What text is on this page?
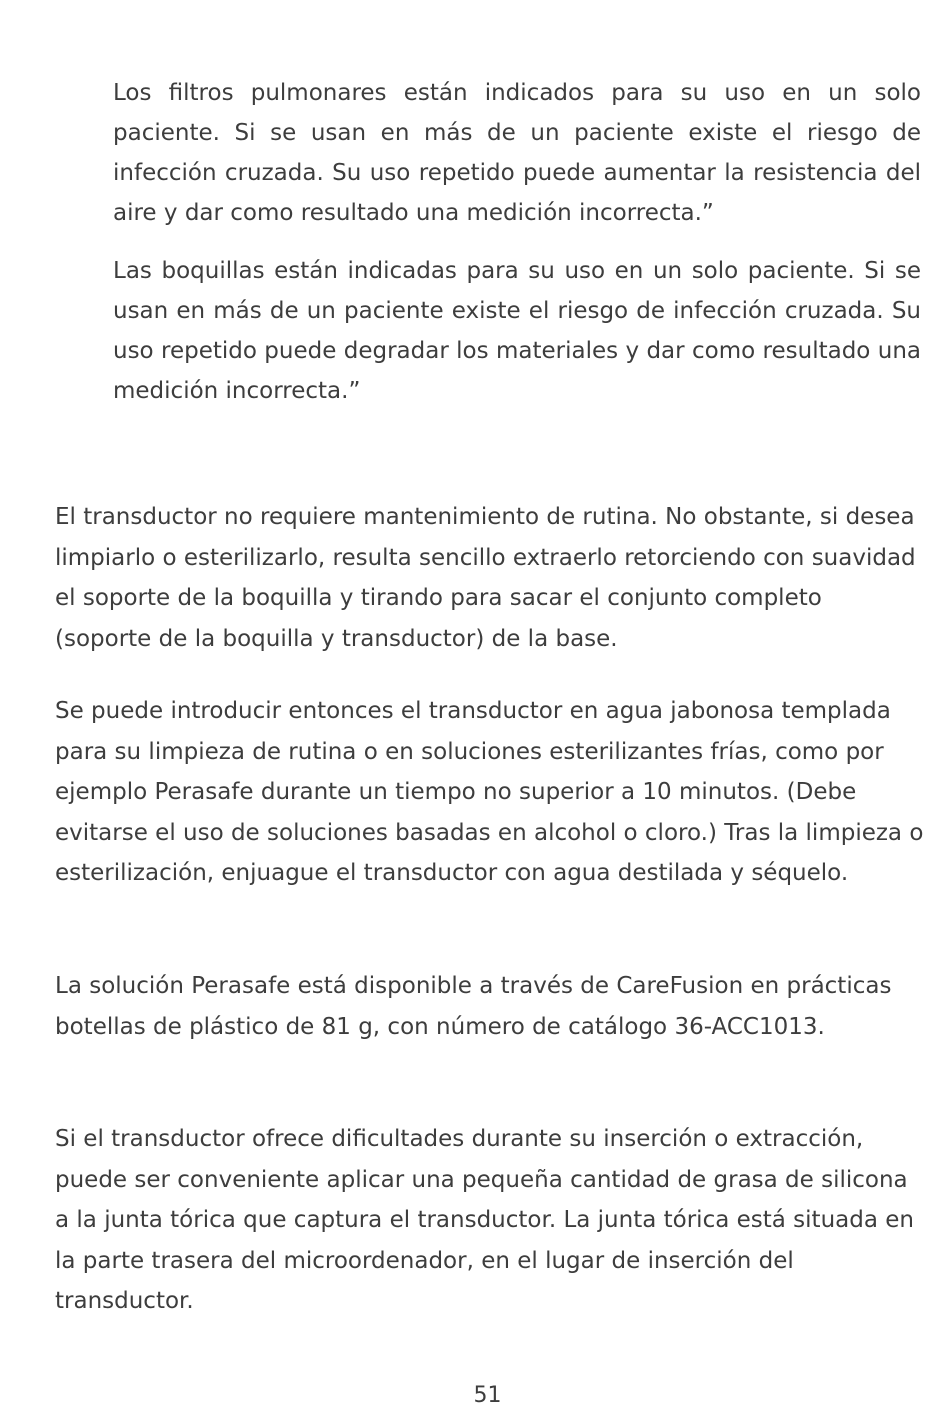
Los filtros pulmonares están indicados para su uso en un solo paciente. Si se usan en más de un paciente existe el riesgo de infección cruzada. Su uso repetido puede aumentar la resistencia del aire y dar como resultado una medición incorrecta.”

Las boquillas están indicadas para su uso en un solo paciente. Si se usan en más de un paciente existe el riesgo de infección cruzada. Su uso repetido puede degradar los materiales y dar como resultado una medición incorrecta.”

El transductor no requiere mantenimiento de rutina. No obstante, si desea limpiarlo o esterilizarlo, resulta sencillo extraerlo retorciendo con suavidad el soporte de la boquilla y tirando para sacar el conjunto completo (soporte de la boquilla y transductor) de la base.

Se puede introducir entonces el transductor en agua jabonosa templada para su limpieza de rutina o en soluciones esterilizantes frías, como por ejemplo Perasafe durante un tiempo no superior a 10 minutos. (Debe evitarse el uso de soluciones basadas en alcohol o cloro.) Tras la limpieza o esterilización, enjuague el transductor con agua destilada y séquelo.

La solución Perasafe está disponible a través de CareFusion en prácticas botellas de plástico de 81 g, con número de catálogo 36-ACC1013.

Si el transductor ofrece dificultades durante su inserción o extracción, puede ser conveniente aplicar una pequeña cantidad de grasa de silicona a la junta tórica que captura el transductor. La junta tórica está situada en la parte trasera del microordenador, en el lugar de inserción del transductor.

51
